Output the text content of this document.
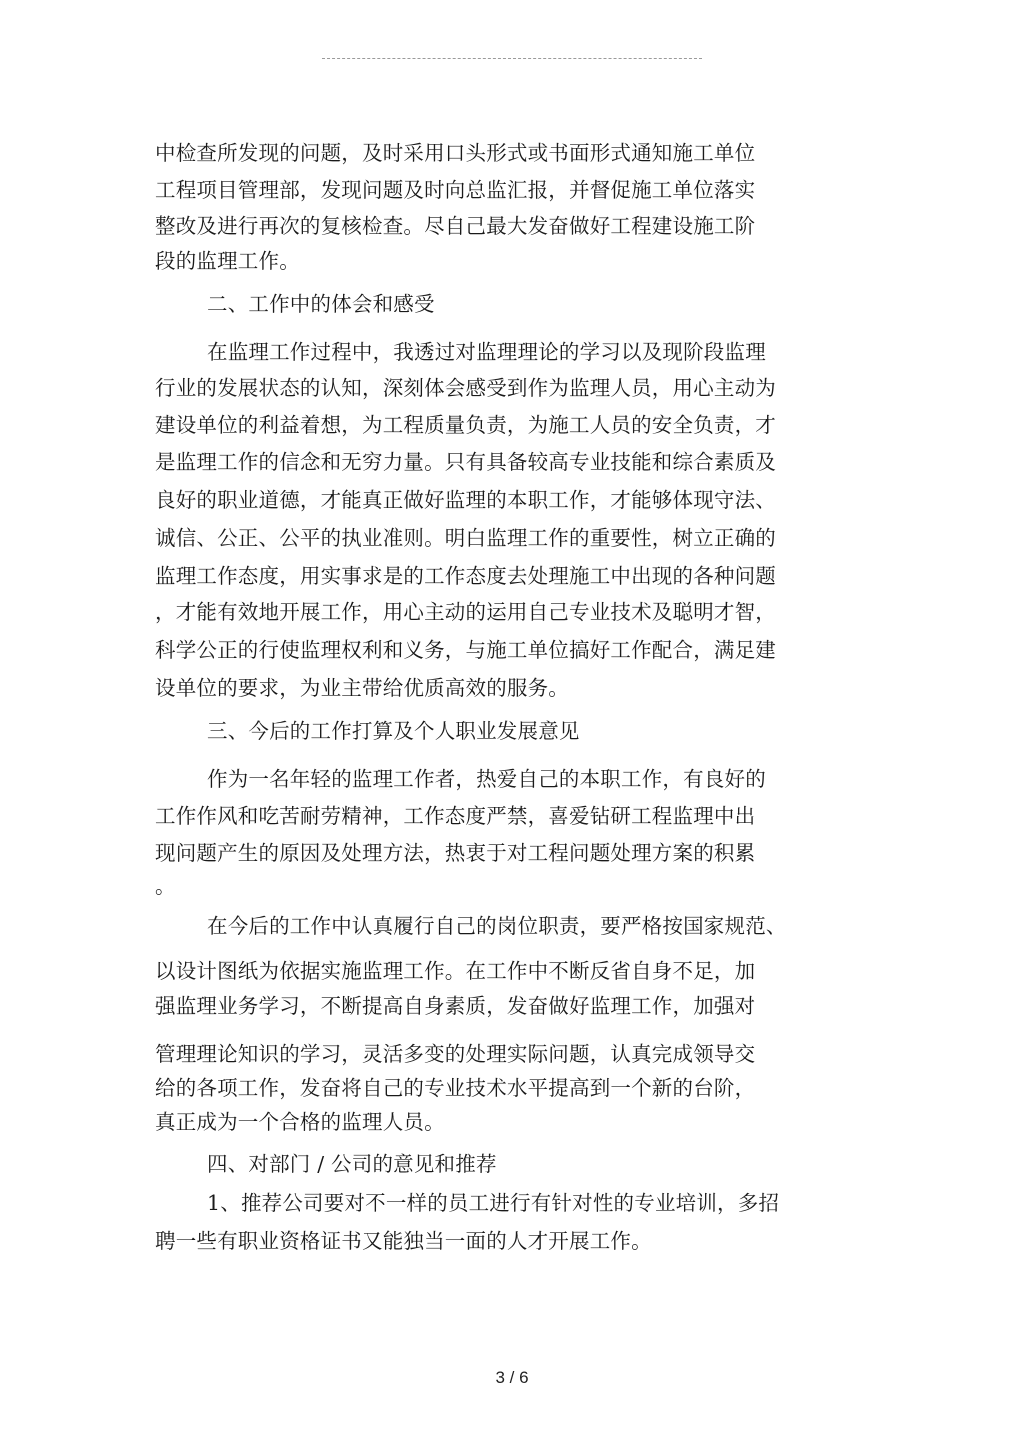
中检查所发现的问题，及时采用口头形式或书面形式通知施工单位
工程项目管理部，发现问题及时向总监汇报，并督促施工单位落实
整改及进行再次的复核检查。尽自己最大发奋做好工程建设施工阶
段的监理工作。
二、工作中的体会和感受
在监理工作过程中，我透过对监理理论的学习以及现阶段监理
行业的发展状态的认知，深刻体会感受到作为监理人员，用心主动为
建设单位的利益着想，为工程质量负责，为施工人员的安全负责，才
是监理工作的信念和无穷力量。只有具备较高专业技能和综合素质及
良好的职业道德，才能真正做好监理的本职工作，才能够体现守法、
诚信、公正、公平的执业准则。明白监理工作的重要性，树立正确的
监理工作态度，用实事求是的工作态度去处理施工中出现的各种问题
，才能有效地开展工作，用心主动的运用自己专业技术及聪明才智，
科学公正的行使监理权利和义务，与施工单位搞好工作配合，满足建
设单位的要求，为业主带给优质高效的服务。
三、今后的工作打算及个人职业发展意见
作为一名年轻的监理工作者，热爱自己的本职工作，有良好的
工作作风和吃苦耐劳精神，工作态度严禁，喜爱钻研工程监理中出
现问题产生的原因及处理方法，热衷于对工程问题处理方案的积累
。
在今后的工作中认真履行自己的岗位职责，要严格按国家规范、
以设计图纸为依据实施监理工作。在工作中不断反省自身不足，加
强监理业务学习，不断提高自身素质，发奋做好监理工作，加强对
管理理论知识的学习，灵活多变的处理实际问题，认真完成领导交
给的各项工作，发奋将自己的专业技术水平提高到一个新的台阶，
真正成为一个合格的监理人员。
四、对部门 / 公司的意见和推荐
1、推荐公司要对不一样的员工进行有针对性的专业培训，多招
聘一些有职业资格证书又能独当一面的人才开展工作。
3 / 6
